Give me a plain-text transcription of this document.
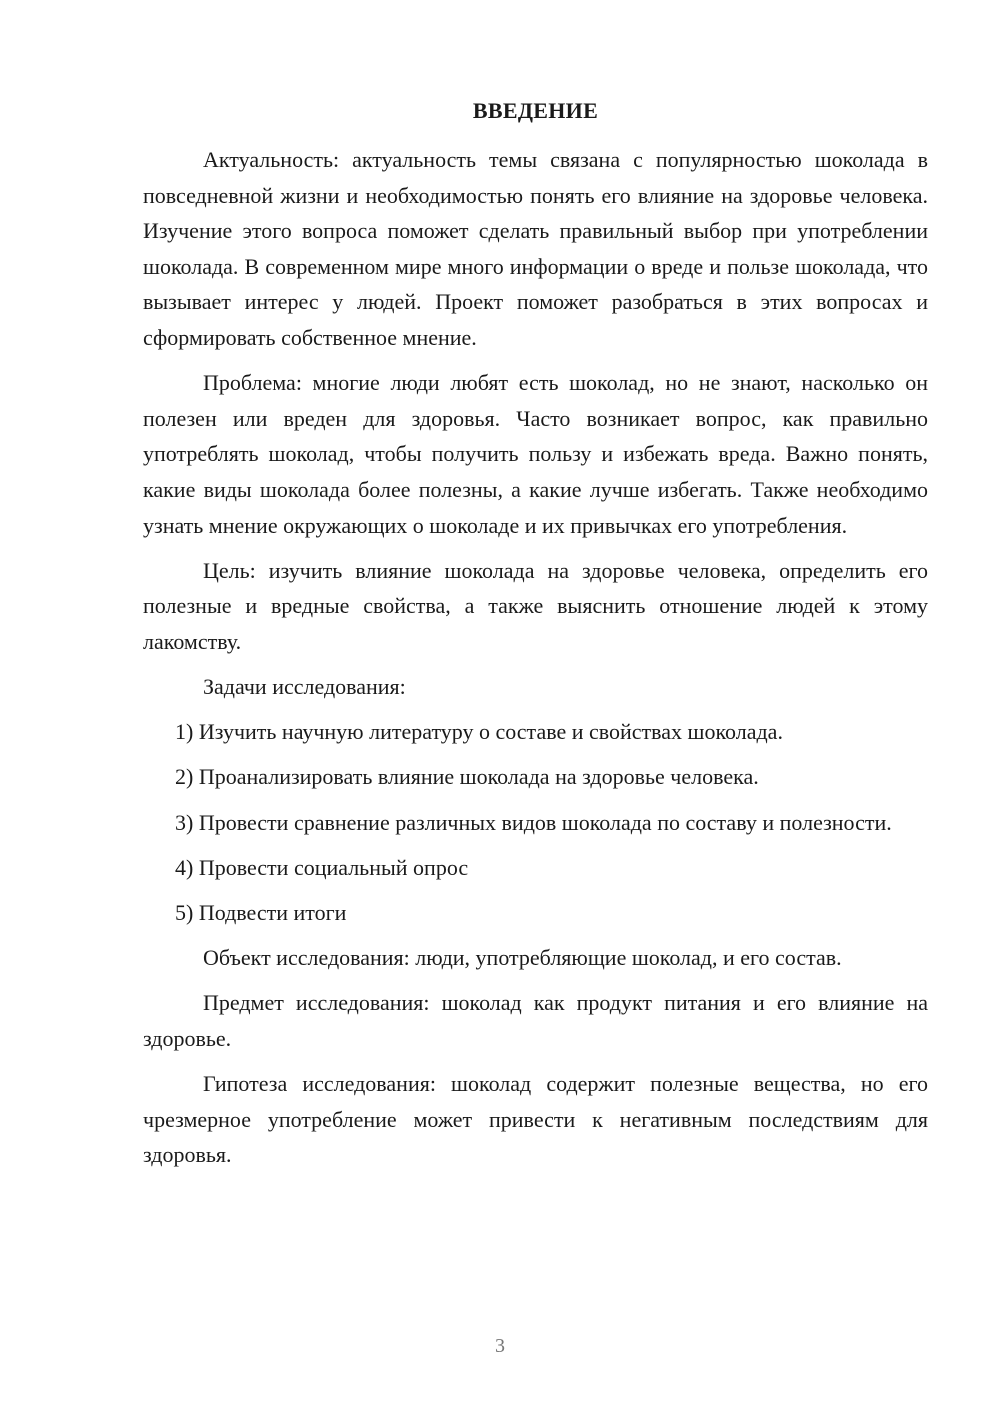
ВВЕДЕНИЕ

Актуальность: актуальность темы связана с популярностью шоколада в повседневной жизни и необходимостью понять его влияние на здоровье человека. Изучение этого вопроса поможет сделать правильный выбор при употреблении шоколада. В современном мире много информации о вреде и пользе шоколада, что вызывает интерес у людей. Проект поможет разобраться в этих вопросах и сформировать собственное мнение.

Проблема: многие люди любят есть шоколад, но не знают, насколько он полезен или вреден для здоровья. Часто возникает вопрос, как правильно употреблять шоколад, чтобы получить пользу и избежать вреда. Важно понять, какие виды шоколада более полезны, а какие лучше избегать. Также необходимо узнать мнение окружающих о шоколаде и их привычках его употребления.

Цель: изучить влияние шоколада на здоровье человека, определить его полезные и вредные свойства, а также выяснить отношение людей к этому лакомству.

Задачи исследования:

1) Изучить научную литературу о составе и свойствах шоколада.

2) Проанализировать влияние шоколада на здоровье человека.

3) Провести сравнение различных видов шоколада по составу и полезности.

4) Провести социальный опрос

5) Подвести итоги

Объект исследования: люди, употребляющие шоколад, и его состав.

Предмет исследования: шоколад как продукт питания и его влияние на здоровье.

Гипотеза исследования: шоколад содержит полезные вещества, но его чрезмерное употребление может привести к негативным последствиям для здоровья.

3
